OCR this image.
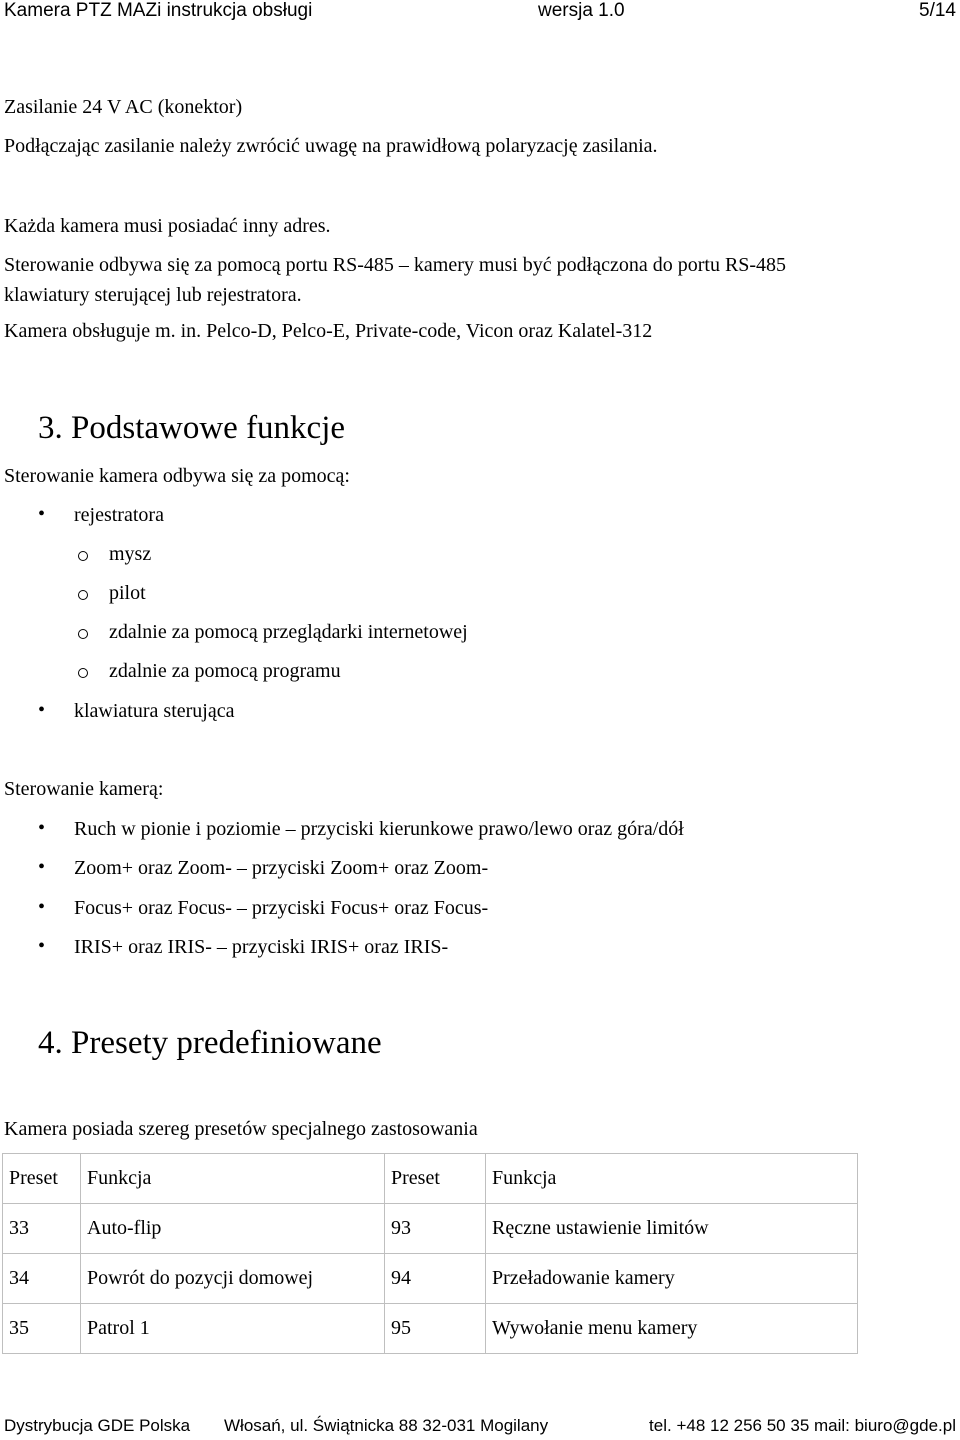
Kamera PTZ MAZi instrukcja obsługi	wersja 1.0	5/14
Zasilanie 24 V AC (konektor)
Podłączając zasilanie należy zwrócić uwagę na prawidłową polaryzację zasilania.
Każda kamera musi posiadać inny adres.
Sterowanie odbywa się za pomocą portu RS-485 – kamery musi być podłączona do portu RS-485
klawiatury sterującej lub rejestratora.
Kamera obsługuje m. in. Pelco-D, Pelco-E, Private-code, Vicon oraz Kalatel-312
3. Podstawowe funkcje
Sterowanie kamera odbywa się za pomocą:
• rejestratora
mysz
pilot
zdalnie za pomocą przeglądarki internetowej
zdalnie za pomocą programu
• klawiatura sterująca
Sterowanie kamerą:
• Ruch w pionie i poziomie – przyciski kierunkowe prawo/lewo oraz góra/dół
• Zoom+ oraz Zoom- – przyciski Zoom+ oraz Zoom-
• Focus+ oraz Focus- – przyciski Focus+ oraz Focus-
• IRIS+ oraz IRIS- – przyciski IRIS+ oraz IRIS-
4. Presety predefiniowane
Kamera posiada szereg presetów specjalnego zastosowania
Preset	Funkcja	Preset	Funkcja
33	Auto-flip	93	Ręczne ustawienie limitów
34	Powrót do pozycji domowej	94	Przeładowanie kamery
35	Patrol 1	95	Wywołanie menu kamery
Dystrybucja GDE Polska Włosań, ul. Świątnicka 88 32-031 Mogilany	tel. +48 12 256 50 35 mail: biuro@gde.pl
